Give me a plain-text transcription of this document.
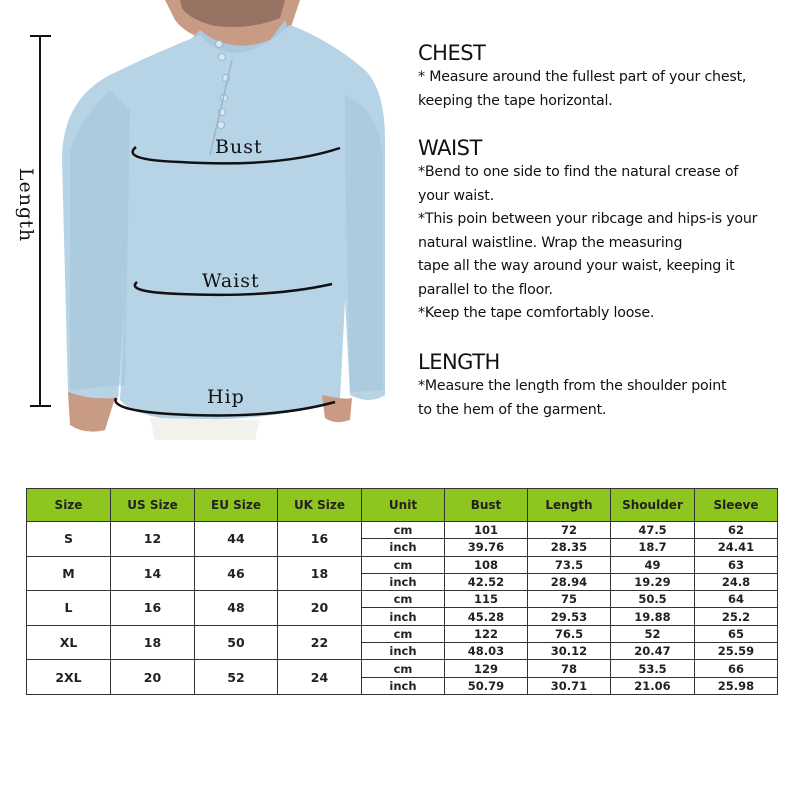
Length
Bust
Waist
Hip
CHEST

* Measure around the fullest part of your chest,

keeping the tape horizontal.

WAIST

*Bend to one side to find the natural crease of

your waist.

*This poin between your ribcage and hips-is your

natural waistline. Wrap the measuring

tape all the way around your waist, keeping it

parallel to the floor.

*Keep the tape comfortably loose.

LENGTH

*Measure the length from the shoulder point

to the hem of the garment.

Size	US Size	EU Size	UK Size	Unit	Bust	Length	Shoulder	Sleeve
S	12	44	16	cm	101	72	47.5	62
				inch	39.76	28.35	18.7	24.41
M	14	46	18	cm	108	73.5	49	63
				inch	42.52	28.94	19.29	24.8
L	16	48	20	cm	115	75	50.5	64
				inch	45.28	29.53	19.88	25.2
XL	18	50	22	cm	122	76.5	52	65
				inch	48.03	30.12	20.47	25.59
2XL	20	52	24	cm	129	78	53.5	66
				inch	50.79	30.71	21.06	25.98
